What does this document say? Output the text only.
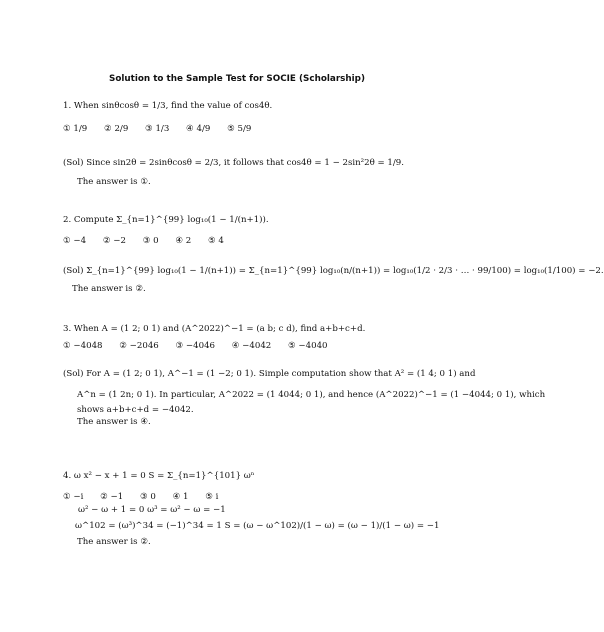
Solution to the Sample Test for SOCIE (Scholarship)
1. When sinθcosθ = 1/3, find the value of cos4θ.
① 1/9 ② 2/9 ③ 1/3 ④ 4/9 ⑤ 5/9
(Sol) Since sin2θ = 2sinθcosθ = 2/3, it follows that cos4θ = 1 − 2sin²2θ = 1/9.
The answer is ①.
2. Compute Σ_{n=1}^{99} log₁₀(1 − 1/(n+1)).
① −4 ② −2 ③ 0 ④ 2 ⑤ 4
(Sol) Σ_{n=1}^{99} log₁₀(1 − 1/(n+1)) = Σ_{n=1}^{99} log₁₀(n/(n+1)) = log₁₀(1/2 · 2/3 · … · 99/100) = log₁₀(1/100) = −2.
The answer is ②.
3. When A = (1 2; 0 1) and (A^2022)^−1 = (a b; c d), find a+b+c+d.
① −4048 ② −2046 ③ −4046 ④ −4042 ⑤ −4040
(Sol) For A = (1 2; 0 1), A^−1 = (1 −2; 0 1). Simple computation show that A² = (1 4; 0 1) and
A^n = (1 2n; 0 1). In particular, A^2022 = (1 4044; 0 1), and hence (A^2022)^−1 = (1 −4044; 0 1), which
shows a+b+c+d = −4042.
The answer is ④.
4. ω x² − x + 1 = 0 S = Σ_{n=1}^{101} ωⁿ
① −i ② −1 ③ 0 ④ 1 ⑤ i
ω² − ω + 1 = 0 ω³ = ω² − ω = −1
ω^102 = (ω³)^34 = (−1)^34 = 1 S = (ω − ω^102)/(1 − ω) = (ω − 1)/(1 − ω) = −1
The answer is ②.
